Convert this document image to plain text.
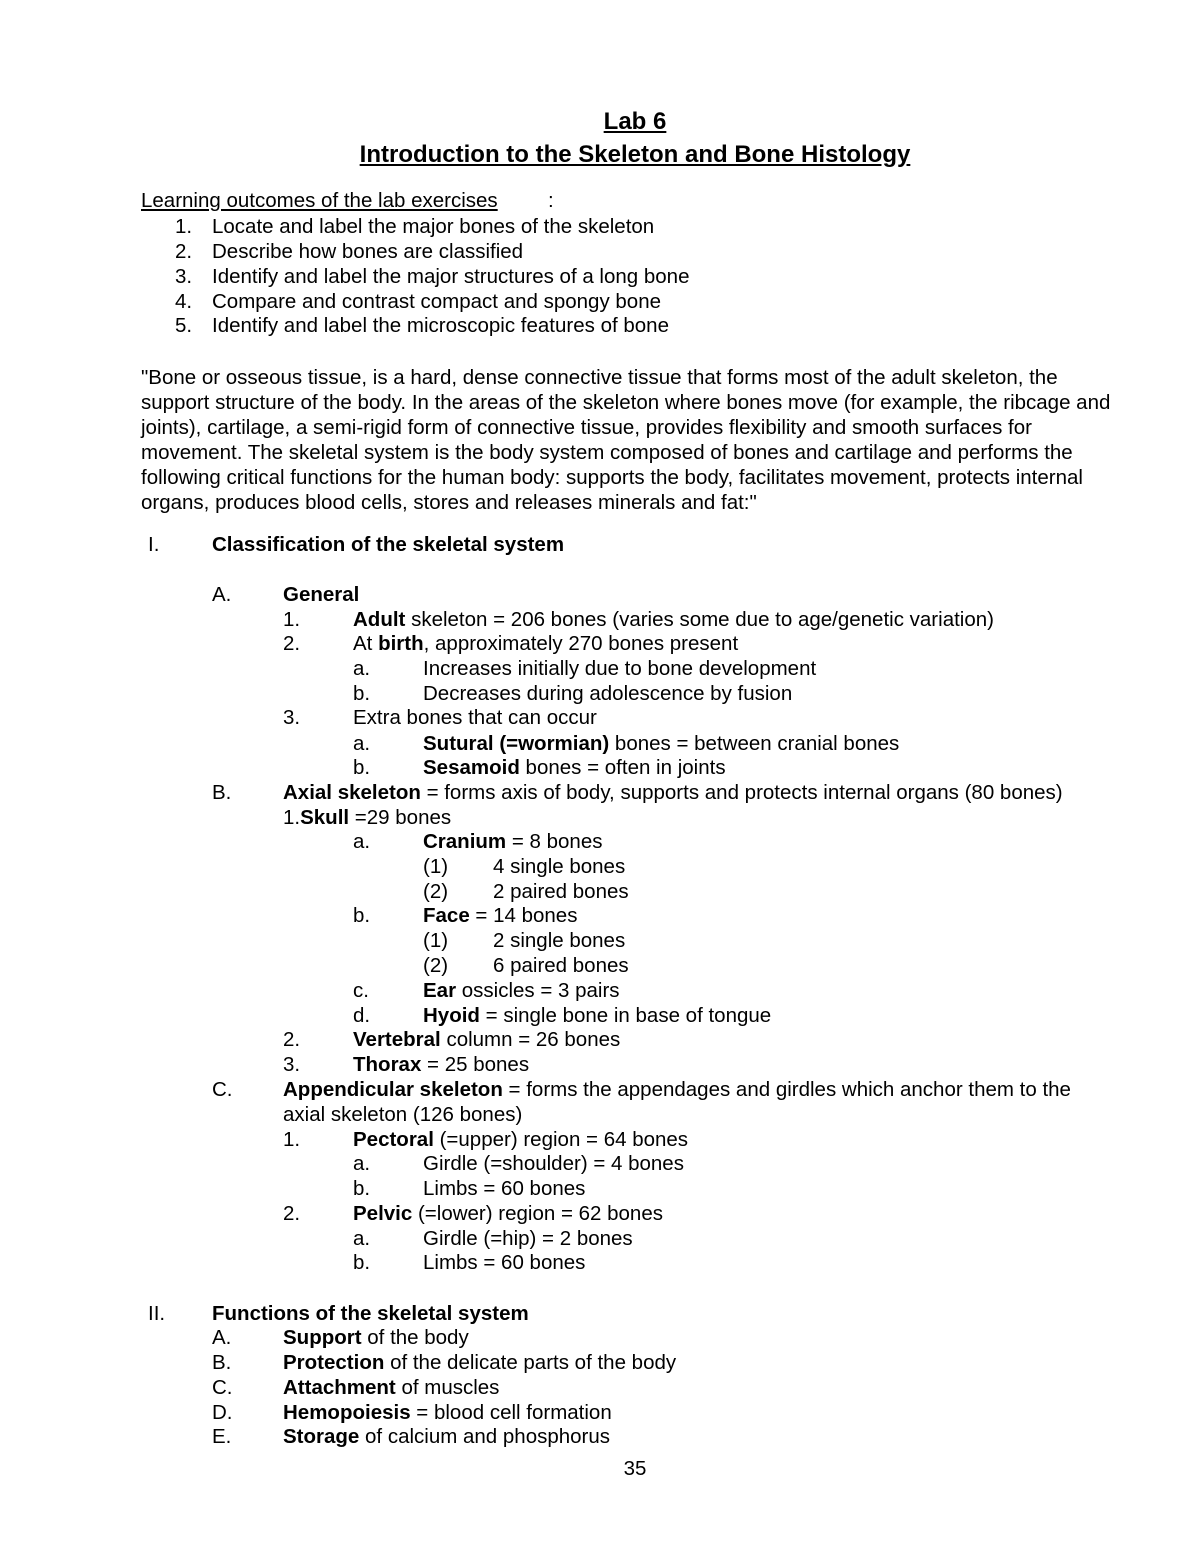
Lab 6
Introduction to the Skeleton and Bone Histology
Learning outcomes of the lab exercises :
1. Locate and label the major bones of the skeleton
2. Describe how bones are classified
3. Identify and label the major structures of a long bone
4. Compare and contrast compact and spongy bone
5. Identify and label the microscopic features of bone
"Bone or osseous tissue, is a hard, dense connective tissue that forms most of the adult skeleton, the support structure of the body. In the areas of the skeleton where bones move (for example, the ribcage and joints), cartilage, a semi-rigid form of connective tissue, provides flexibility and smooth surfaces for movement. The skeletal system is the body system composed of bones and cartilage and performs the following critical functions for the human body: supports the body, facilitates movement, protects internal organs, produces blood cells, stores and releases minerals and fat:"
I.	Classification of the skeletal system
A.	General
1.	Adult skeleton = 206 bones (varies some due to age/genetic variation)
2.	At birth, approximately 270 bones present
a.	Increases initially due to bone development
b.	Decreases during adolescence by fusion
3.	Extra bones that can occur
a.	Sutural (=wormian) bones = between cranial bones
b.	Sesamoid bones = often in joints
B.	Axial skeleton = forms axis of body, supports and protects internal organs (80 bones)
1.Skull =29 bones
a.	Cranium = 8 bones
(1) 4 single bones
(2) 2 paired bones
b.	Face = 14 bones
(1) 2 single bones
(2) 6 paired bones
c.	Ear ossicles = 3 pairs
d.	Hyoid = single bone in base of tongue
2.	Vertebral column = 26 bones
3.	Thorax = 25 bones
C. Appendicular skeleton = forms the appendages and girdles which anchor them to the
axial skeleton (126 bones)
1.	Pectoral (=upper) region = 64 bones
a.	Girdle (=shoulder) = 4 bones
b.	Limbs = 60 bones
2.	Pelvic (=lower) region = 62 bones
a.	Girdle (=hip) = 2 bones
b.	Limbs = 60 bones
II. Functions of the skeletal system
A.	Support of the body
B.	Protection of the delicate parts of the body
C. Attachment of muscles
D. Hemopoiesis = blood cell formation
E.	Storage of calcium and phosphorus
35
